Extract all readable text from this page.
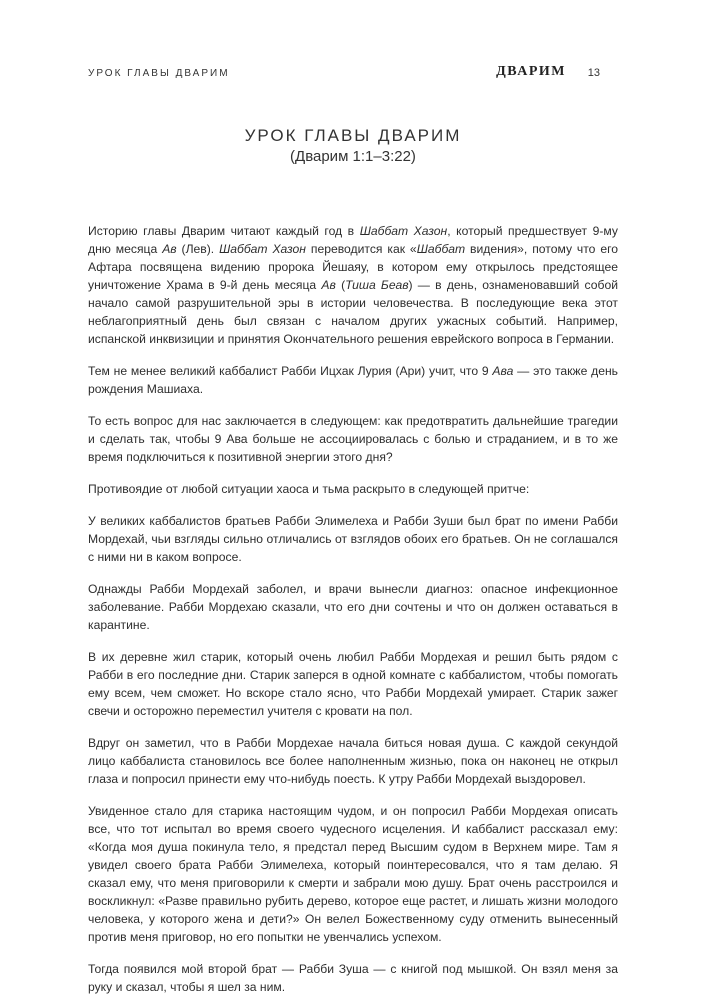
УРОК ГЛАВЫ ДВАРИМ	ДВАРИМ 13
УРОК ГЛАВЫ ДВАРИМ
(Дварим 1:1–3:22)

Историю главы Дварим читают каждый год в Шаббат Хазон, который предшествует 9-му дню месяца Ав (Лев). Шаббат Хазон переводится как «Шаббат видения», потому что его Афтара посвящена видению пророка Йешаяу, в котором ему открылось предстоящее уничтожение Храма в 9-й день месяца Ав (Тиша Беав) — в день, ознаменовавший собой начало самой разрушительной эры в истории человечества. В последующие века этот неблагоприятный день был связан с началом других ужасных событий. Например, испанской инквизиции и принятия Окончательного решения еврейского вопроса в Германии.

Тем не менее великий каббалист Рабби Ицхак Лурия (Ари) учит, что 9 Ава — это также день рождения Машиаха.

То есть вопрос для нас заключается в следующем: как предотвратить дальнейшие трагедии и сделать так, чтобы 9 Ава больше не ассоциировалась с болью и страданием, и в то же время подключиться к позитивной энергии этого дня?

Противоядие от любой ситуации хаоса и тьма раскрыто в следующей притче:

У великих каббалистов братьев Рабби Элимелеха и Рабби Зуши был брат по имени Рабби Мордехай, чьи взгляды сильно отличались от взглядов обоих его братьев. Он не соглашался с ними ни в каком вопросе.

Однажды Рабби Мордехай заболел, и врачи вынесли диагноз: опасное инфекционное заболевание. Рабби Мордехаю сказали, что его дни сочтены и что он должен оставаться в карантине.

В их деревне жил старик, который очень любил Рабби Мордехая и решил быть рядом с Рабби в его последние дни. Старик заперся в одной комнате с каббалистом, чтобы помогать ему всем, чем сможет. Но вскоре стало ясно, что Рабби Мордехай умирает. Старик зажег свечи и осторожно переместил учителя с кровати на пол.

Вдруг он заметил, что в Рабби Мордехае начала биться новая душа. С каждой секундой лицо каббалиста становилось все более наполненным жизнью, пока он наконец не открыл глаза и попросил принести ему что-нибудь поесть. К утру Рабби Мордехай выздоровел.

Увиденное стало для старика настоящим чудом, и он попросил Рабби Мордехая описать все, что тот испытал во время своего чудесного исцеления. И каббалист рассказал ему: «Когда моя душа покинула тело, я предстал перед Высшим судом в Верхнем мире. Там я увидел своего брата Рабби Элимелеха, который поинтересовался, что я там делаю. Я сказал ему, что меня приговорили к смерти и забрали мою душу. Брат очень расстроился и воскликнул: «Разве правильно рубить дерево, которое еще растет, и лишать жизни молодого человека, у которого жена и дети?» Он велел Божественному суду отменить вынесенный против меня приговор, но его попытки не увенчались успехом.

Тогда появился мой второй брат — Рабби Зуша — с книгой под мышкой. Он взял меня за руку и сказал, чтобы я шел за ним.
